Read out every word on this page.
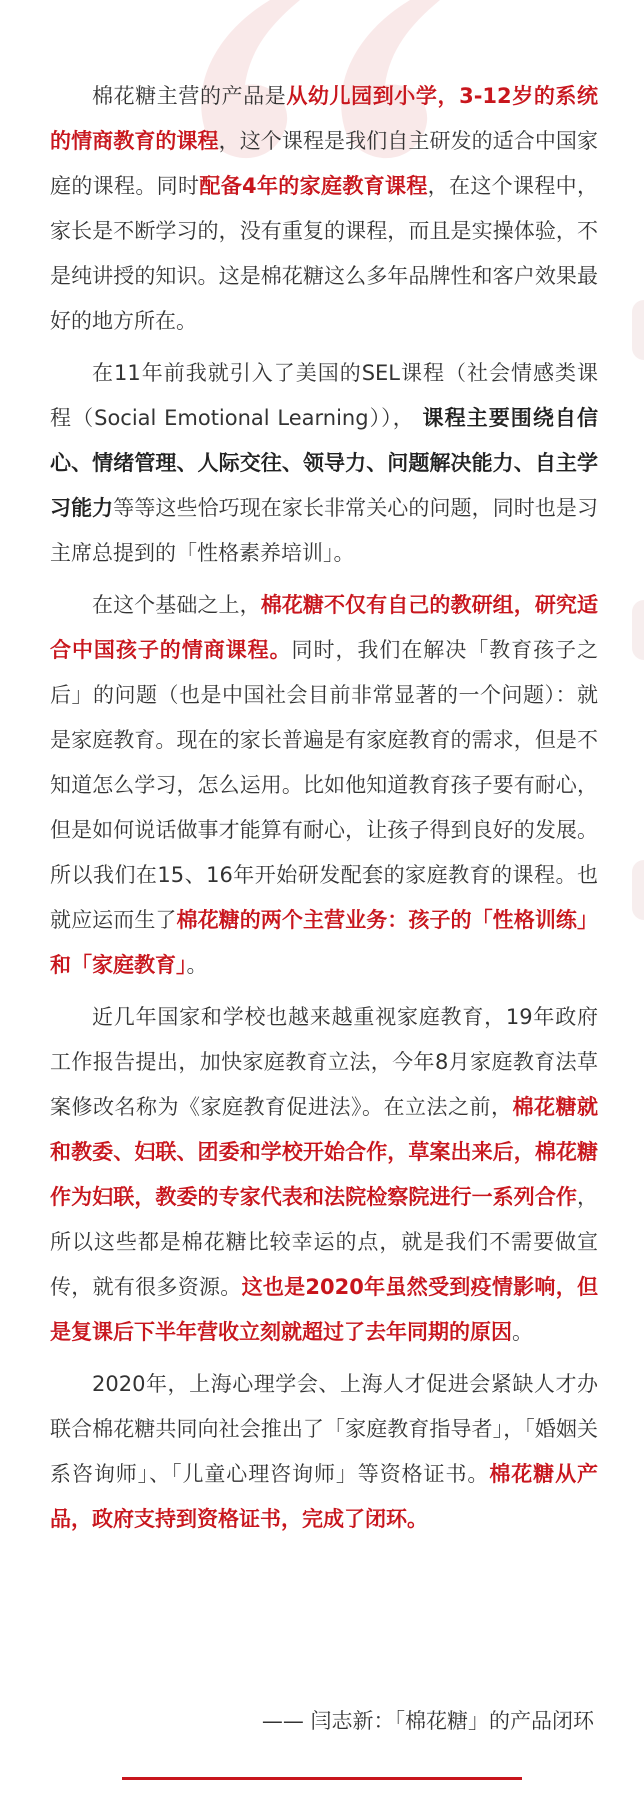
棉花糖主营的产品是从幼儿园到小学，3-12岁的系统的情商教育的课程，这个课程是我们自主研发的适合中国家庭的课程。同时配备4年的家庭教育课程，在这个课程中，家长是不断学习的，没有重复的课程，而且是实操体验，不是纯讲授的知识。这是棉花糖这么多年品牌性和客户效果最好的地方所在。

在11年前我就引入了美国的SEL课程（社会情感类课程（Social Emotional Learning））， 课程主要围绕自信心、情绪管理、人际交往、领导力、问题解决能力、自主学习能力等等这些恰巧现在家长非常关心的问题，同时也是习主席总提到的「性格素养培训」。

在这个基础之上，棉花糖不仅有自己的教研组，研究适合中国孩子的情商课程。同时，我们在解决「教育孩子之后」的问题（也是中国社会目前非常显著的一个问题）：就是家庭教育。现在的家长普遍是有家庭教育的需求，但是不知道怎么学习，怎么运用。比如他知道教育孩子要有耐心，但是如何说话做事才能算有耐心，让孩子得到良好的发展。所以我们在15、16年开始研发配套的家庭教育的课程。也就应运而生了棉花糖的两个主营业务：孩子的「性格训练」和「家庭教育」。

近几年国家和学校也越来越重视家庭教育，19年政府工作报告提出，加快家庭教育立法，今年8月家庭教育法草案修改名称为《家庭教育促进法》。在立法之前，棉花糖就和教委、妇联、团委和学校开始合作，草案出来后，棉花糖作为妇联，教委的专家代表和法院检察院进行一系列合作，所以这些都是棉花糖比较幸运的点，就是我们不需要做宣传，就有很多资源。这也是2020年虽然受到疫情影响，但是复课后下半年营收立刻就超过了去年同期的原因。

2020年，上海心理学会、上海人才促进会紧缺人才办联合棉花糖共同向社会推出了「家庭教育指导者」，「婚姻关系咨询师」、「儿童心理咨询师」等资格证书。棉花糖从产品，政府支持到资格证书，完成了闭环。

—— 闫志新：「棉花糖」的产品闭环
